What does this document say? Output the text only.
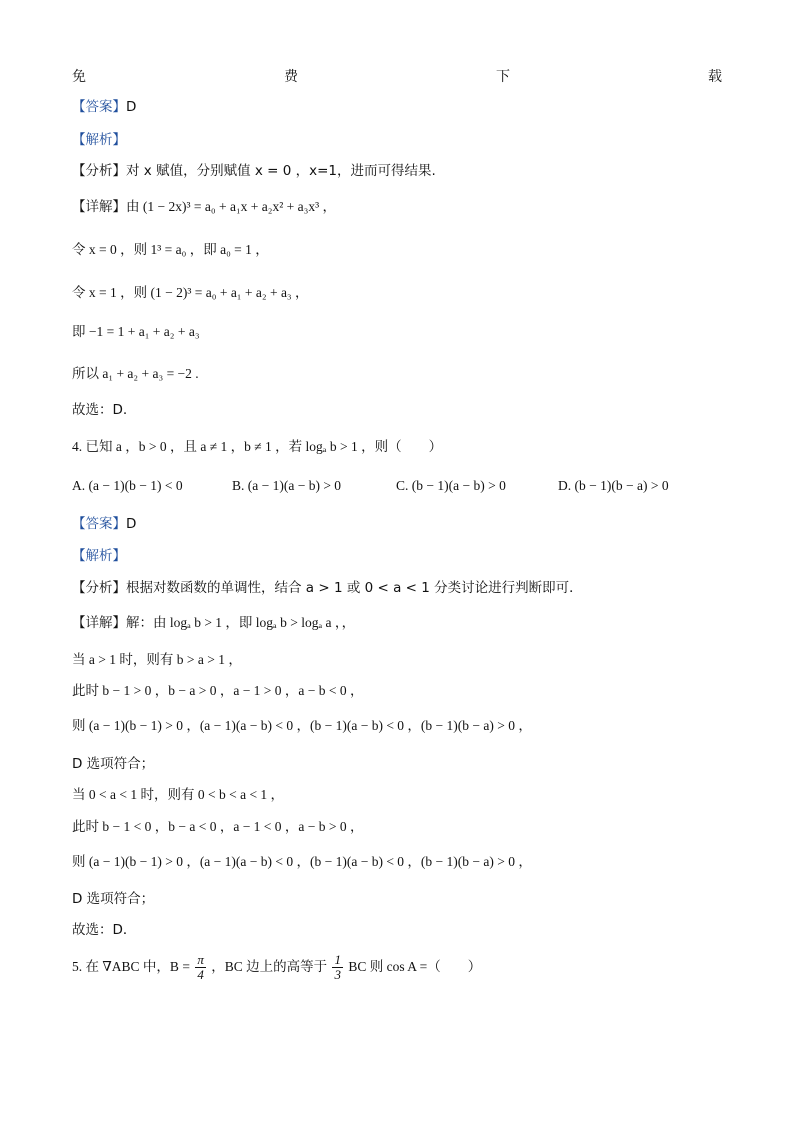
免	费	下	载
【答案】D
【解析】
【分析】对 x 赋值，分别赋值 x = 0 ，x=1，进而可得结果.
【详解】由 (1 − 2x)³ = a₀ + a₁x + a₂x² + a₃x³ ，
令 x = 0 ，则 1³ = a₀ ，即 a₀ = 1 ，
令 x = 1 ，则 (1 − 2)³ = a₀ + a₁ + a₂ + a₃ ，
即 −1 = 1 + a₁ + a₂ + a₃
所以 a₁ + a₂ + a₃ = −2 .
故选：D.
4. 已知 a ，b > 0 ，且 a ≠ 1 ，b ≠ 1 ，若 logₐ b > 1 ，则（　　）
A. (a − 1)(b − 1) < 0	B. (a − 1)(a − b) > 0	C. (b − 1)(a − b) > 0	D. (b − 1)(b − a) > 0
【答案】D
【解析】
【分析】根据对数函数的单调性，结合 a > 1 或 0 < a < 1 分类讨论进行判断即可．
【详解】解：由 logₐ b > 1 ，即 logₐ b > logₐ a ，，
当 a > 1 时，则有 b > a > 1 ，
此时 b − 1 > 0 ，b − a > 0 ，a − 1 > 0 ，a − b < 0 ，
则 (a − 1)(b − 1) > 0 ，(a − 1)(a − b) < 0 ，(b − 1)(a − b) < 0 ，(b − 1)(b − a) > 0 ，
D 选项符合；
当 0 < a < 1 时，则有 0 < b < a < 1 ，
此时 b − 1 < 0 ，b − a < 0 ，a − 1 < 0 ，a − b > 0 ，
则 (a − 1)(b − 1) > 0 ，(a − 1)(a − b) < 0 ，(b − 1)(a − b) < 0 ，(b − 1)(b − a) > 0 ，
D 选项符合；
故选：D．
5. 在 ∇ABC 中，$B = \frac{\pi}{4}$ ，BC 边上的高等于 $\frac{1}{3}$ BC 则 cos A =（　　）
